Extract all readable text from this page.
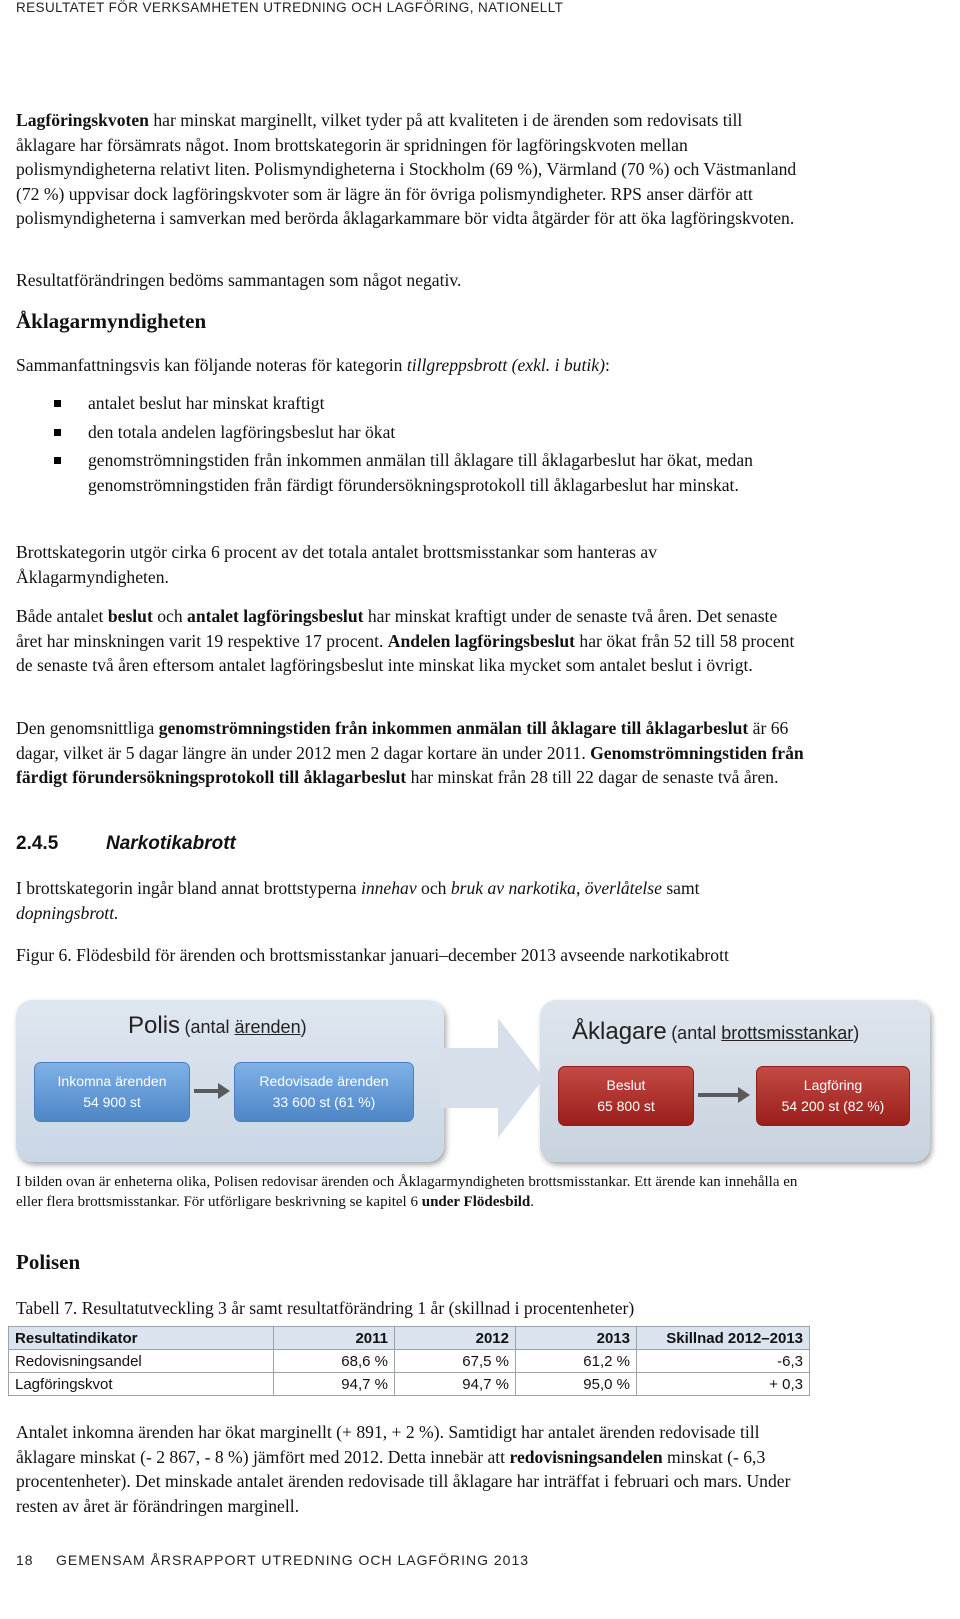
RESULTATET FÖR VERKSAMHETEN UTREDNING OCH LAGFÖRING, NATIONELLT

Lagföringskvoten har minskat marginellt, vilket tyder på att kvaliteten i de ärenden som redovisats till åklagare har försämrats något. Inom brottskategorin är spridningen för lagföringskvoten mellan polismyndigheterna relativt liten. Polismyndigheterna i Stockholm (69 %), Värmland (70 %) och Västmanland (72 %) uppvisar dock lagföringskvoter som är lägre än för övriga polismyndigheter. RPS anser därför att polismyndigheterna i samverkan med berörda åklagarkammare bör vidta åtgärder för att öka lagföringskvoten.

Resultatförändringen bedöms sammantagen som något negativ.

Åklagarmyndigheten

Sammanfattningsvis kan följande noteras för kategorin tillgreppsbrott (exkl. i butik):

antalet beslut har minskat kraftigt
den totala andelen lagföringsbeslut har ökat
genomströmningstiden från inkommen anmälan till åklagare till åklagarbeslut har ökat, medan genomströmningstiden från färdigt förundersökningsprotokoll till åklagarbeslut har minskat.

Brottskategorin utgör cirka 6 procent av det totala antalet brottsmisstankar som hanteras av Åklagarmyndigheten.

Både antalet beslut och antalet lagföringsbeslut har minskat kraftigt under de senaste två åren. Det senaste året har minskningen varit 19 respektive 17 procent. Andelen lagföringsbeslut har ökat från 52 till 58 procent de senaste två åren eftersom antalet lagföringsbeslut inte minskat lika mycket som antalet beslut i övrigt.

Den genomsnittliga genomströmningstiden från inkommen anmälan till åklagare till åklagarbeslut är 66 dagar, vilket är 5 dagar längre än under 2012 men 2 dagar kortare än under 2011. Genomströmningstiden från färdigt förundersökningsprotokoll till åklagarbeslut har minskat från 28 till 22 dagar de senaste två åren.

2.4.5	Narkotikabrott

I brottskategorin ingår bland annat brottstyperna innehav och bruk av narkotika, överlåtelse samt dopningsbrott.

Figur 6. Flödesbild för ärenden och brottsmisstankar januari–december 2013 avseende narkotikabrott

Polis (antal ärenden)
Inkomna ärenden
54 900 st
Redovisade ärenden
33 600 st (61 %)
Åklagare (antal brottsmisstankar)
Beslut
65 800 st
Lagföring
54 200 st (82 %)

I bilden ovan är enheterna olika, Polisen redovisar ärenden och Åklagarmyndigheten brottsmisstankar. Ett ärende kan innehålla en eller flera brottsmisstankar. För utförligare beskrivning se kapitel 6 under Flödesbild.

Polisen

Tabell 7. Resultatutveckling 3 år samt resultatförändring 1 år (skillnad i procentenheter)

Resultatindikator	2011	2012	2013	Skillnad 2012–2013
Redovisningsandel	68,6 %	67,5 %	61,2 %	-6,3
Lagföringskvot	94,7 %	94,7 %	95,0 %	+ 0,3

Antalet inkomna ärenden har ökat marginellt (+ 891, + 2 %). Samtidigt har antalet ärenden redovisade till åklagare minskat (- 2 867, - 8 %) jämfört med 2012. Detta innebär att redovisningsandelen minskat (- 6,3 procentenheter). Det minskade antalet ärenden redovisade till åklagare har inträffat i februari och mars. Under resten av året är förändringen marginell.

18 GEMENSAM ÅRSRAPPORT UTREDNING OCH LAGFÖRING 2013
